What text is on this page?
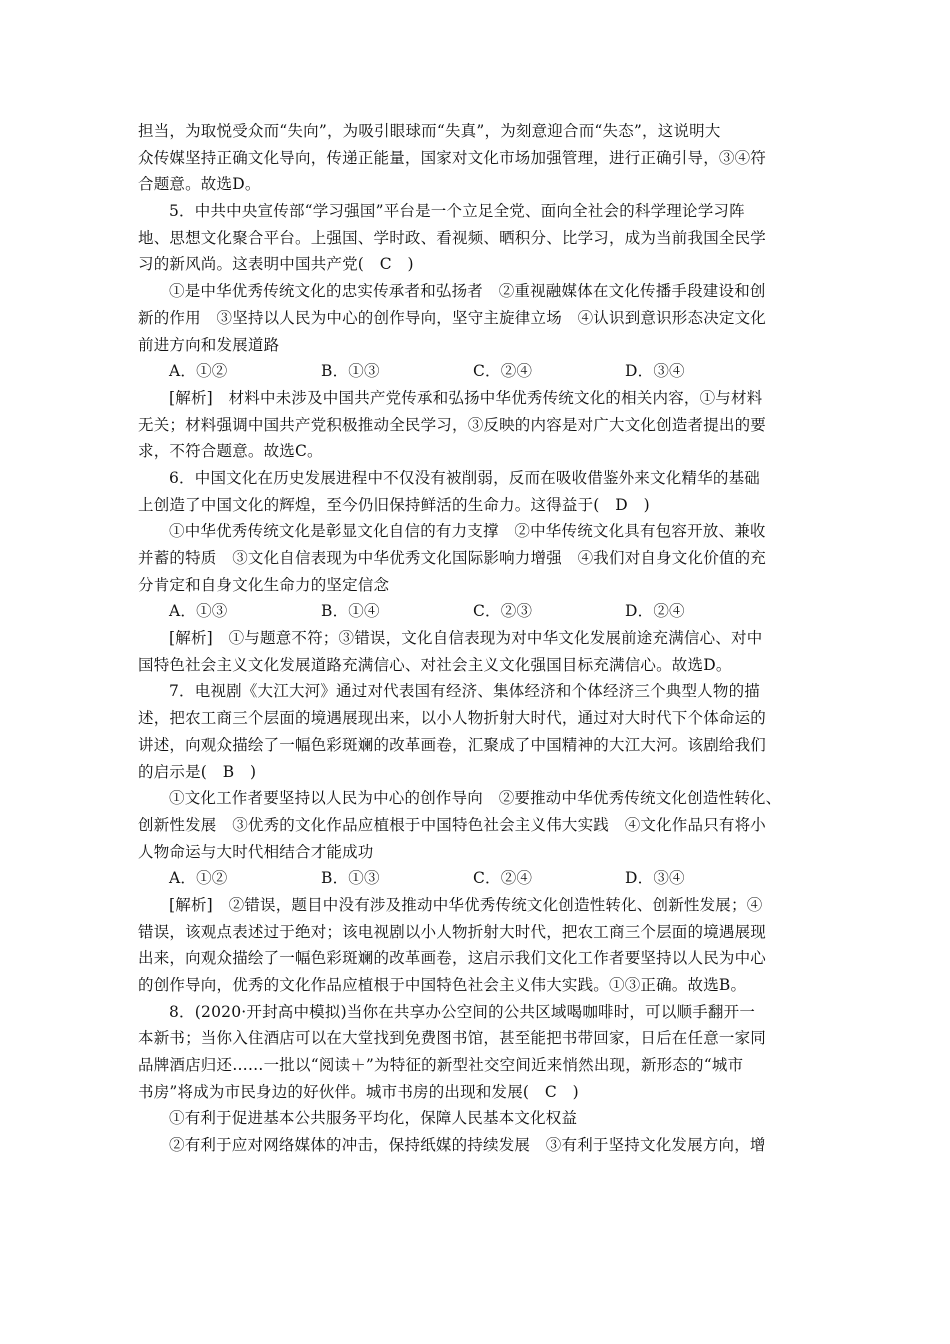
担当，为取悦受众而“失向”，为吸引眼球而“失真”，为刻意迎合而“失态”，这说明大
众传媒坚持正确文化导向，传递正能量，国家对文化市场加强管理，进行正确引导，③④符
合题意。故选D。
5．中共中央宣传部“学习强国”平台是一个立足全党、面向全社会的科学理论学习阵
地、思想文化聚合平台。上强国、学时政、看视频、晒积分、比学习，成为当前我国全民学
习的新风尚。这表明中国共产党(　C　)
①是中华优秀传统文化的忠实传承者和弘扬者　②重视融媒体在文化传播手段建设和创
新的作用　③坚持以人民为中心的创作导向，坚守主旋律立场　④认识到意识形态决定文化
前进方向和发展道路
A．①②	B．①③	C．②④	D．③④
[解析]　材料中未涉及中国共产党传承和弘扬中华优秀传统文化的相关内容，①与材料
无关；材料强调中国共产党积极推动全民学习，③反映的内容是对广大文化创造者提出的要
求，不符合题意。故选C。
6．中国文化在历史发展进程中不仅没有被削弱，反而在吸收借鉴外来文化精华的基础
上创造了中国文化的辉煌，至今仍旧保持鲜活的生命力。这得益于(　D　)
①中华优秀传统文化是彰显文化自信的有力支撑　②中华传统文化具有包容开放、兼收
并蓄的特质　③文化自信表现为中华优秀文化国际影响力增强　④我们对自身文化价值的充
分肯定和自身文化生命力的坚定信念
A．①③	B．①④	C．②③	D．②④
[解析]　①与题意不符；③错误，文化自信表现为对中华文化发展前途充满信心、对中
国特色社会主义文化发展道路充满信心、对社会主义文化强国目标充满信心。故选D。
7．电视剧《大江大河》通过对代表国有经济、集体经济和个体经济三个典型人物的描
述，把农工商三个层面的境遇展现出来，以小人物折射大时代，通过对大时代下个体命运的
讲述，向观众描绘了一幅色彩斑斓的改革画卷，汇聚成了中国精神的大江大河。该剧给我们
的启示是(　B　)
①文化工作者要坚持以人民为中心的创作导向　②要推动中华优秀传统文化创造性转化、
创新性发展　③优秀的文化作品应植根于中国特色社会主义伟大实践　④文化作品只有将小
人物命运与大时代相结合才能成功
A．①②	B．①③	C．②④	D．③④
[解析]　②错误，题目中没有涉及推动中华优秀传统文化创造性转化、创新性发展；④
错误，该观点表述过于绝对；该电视剧以小人物折射大时代，把农工商三个层面的境遇展现
出来，向观众描绘了一幅色彩斑斓的改革画卷，这启示我们文化工作者要坚持以人民为中心
的创作导向，优秀的文化作品应植根于中国特色社会主义伟大实践。①③正确。故选B。
8．(2020·开封高中模拟)当你在共享办公空间的公共区域喝咖啡时，可以顺手翻开一
本新书；当你入住酒店可以在大堂找到免费图书馆，甚至能把书带回家，日后在任意一家同
品牌酒店归还……一批以“阅读＋”为特征的新型社交空间近来悄然出现，新形态的“城市
书房”将成为市民身边的好伙伴。城市书房的出现和发展(　C　)
①有利于促进基本公共服务平均化，保障人民基本文化权益
②有利于应对网络媒体的冲击，保持纸媒的持续发展　③有利于坚持文化发展方向，增
